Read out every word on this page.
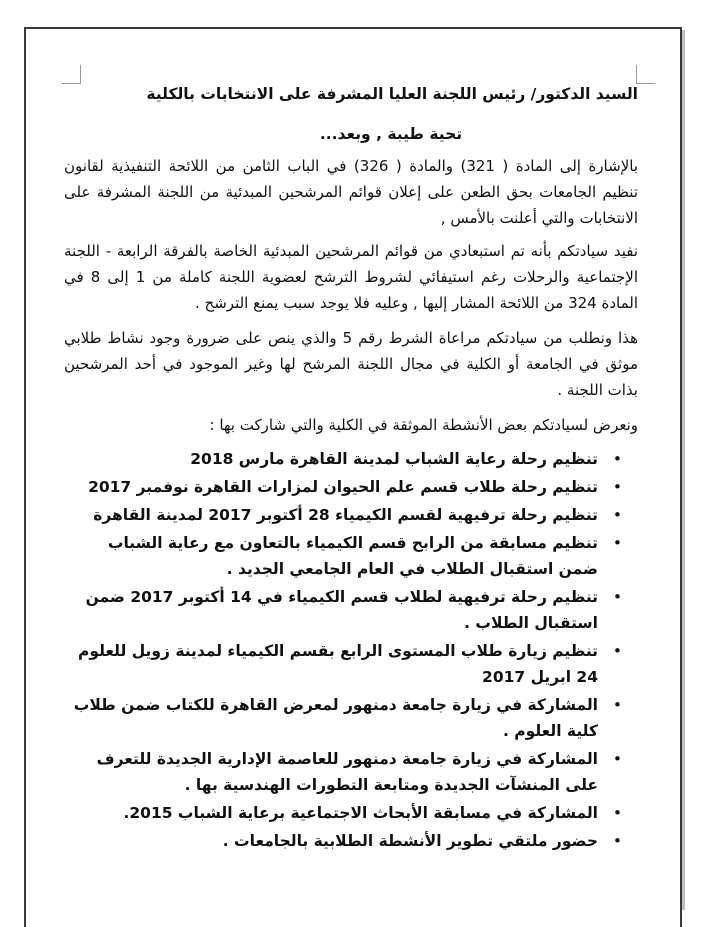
السيد الدكتور/ رئيس اللجنة العليا المشرفة على الانتخابات بالكلية

تحية طيبة , وبعد...

بالإشارة إلى المادة ( 321) والمادة ( 326) في الباب الثامن من اللائحة التنفيذية لقانون تنظيم الجامعات بحق الطعن على إعلان قوائم المرشحين المبدئية من اللجنة المشرفة على الانتخابات والتي أعلنت بالأمس ,

نفيد سيادتكم بأنه تم استبعادي من قوائم المرشحين المبدئية الخاصة بالفرقة الرابعة - اللجنة الإجتماعية والرحلات رغم استيفائي لشروط الترشح لعضوية اللجنة كاملة من 1 إلى 8 في المادة 324 من اللائحة المشار إليها , وعليه فلا يوجد سبب يمنع الترشح .

هذا ونطلب من سيادتكم مراعاة الشرط رقم 5 والذي ينص على ضرورة وجود نشاط طلابي موثق في الجامعة أو الكلية في مجال اللجنة المرشح لها وغير الموجود في أحد المرشحين بذات اللجنة .

ونعرض لسيادتكم بعض الأنشطة الموثقة في الكلية والتي شاركت بها :

•
تنظيم رحلة رعاية الشباب لمدينة القاهرة مارس 2018
•
تنظيم رحلة طلاب قسم علم الحيوان لمزارات القاهرة نوفمبر 2017
•
تنظيم رحلة ترفيهية لقسم الكيمياء 28 أكتوبر 2017 لمدينة القاهرة
•
تنظيم مسابقة من الرابح قسم الكيمياء بالتعاون مع رعاية الشباب ضمن استقبال الطلاب في العام الجامعي الجديد .
•
تنظيم رحلة ترفيهية لطلاب قسم الكيمياء في 14 أكتوبر 2017 ضمن استقبال الطلاب .
•
تنظيم زيارة طلاب المستوى الرابع بقسم الكيمياء لمدينة زويل للعلوم 24 ابريل 2017
•
المشاركة في زيارة جامعة دمنهور لمعرض القاهرة للكتاب ضمن طلاب كلية العلوم .
•
المشاركة في زيارة جامعة دمنهور للعاصمة الإدارية الجديدة للتعرف على المنشآت الجديدة ومتابعة التطورات الهندسية بها .
•
المشاركة في مسابقة الأبحاث الاجتماعية برعاية الشباب 2015.
•
حضور ملتقي تطوير الأنشطة الطلابية بالجامعات .
